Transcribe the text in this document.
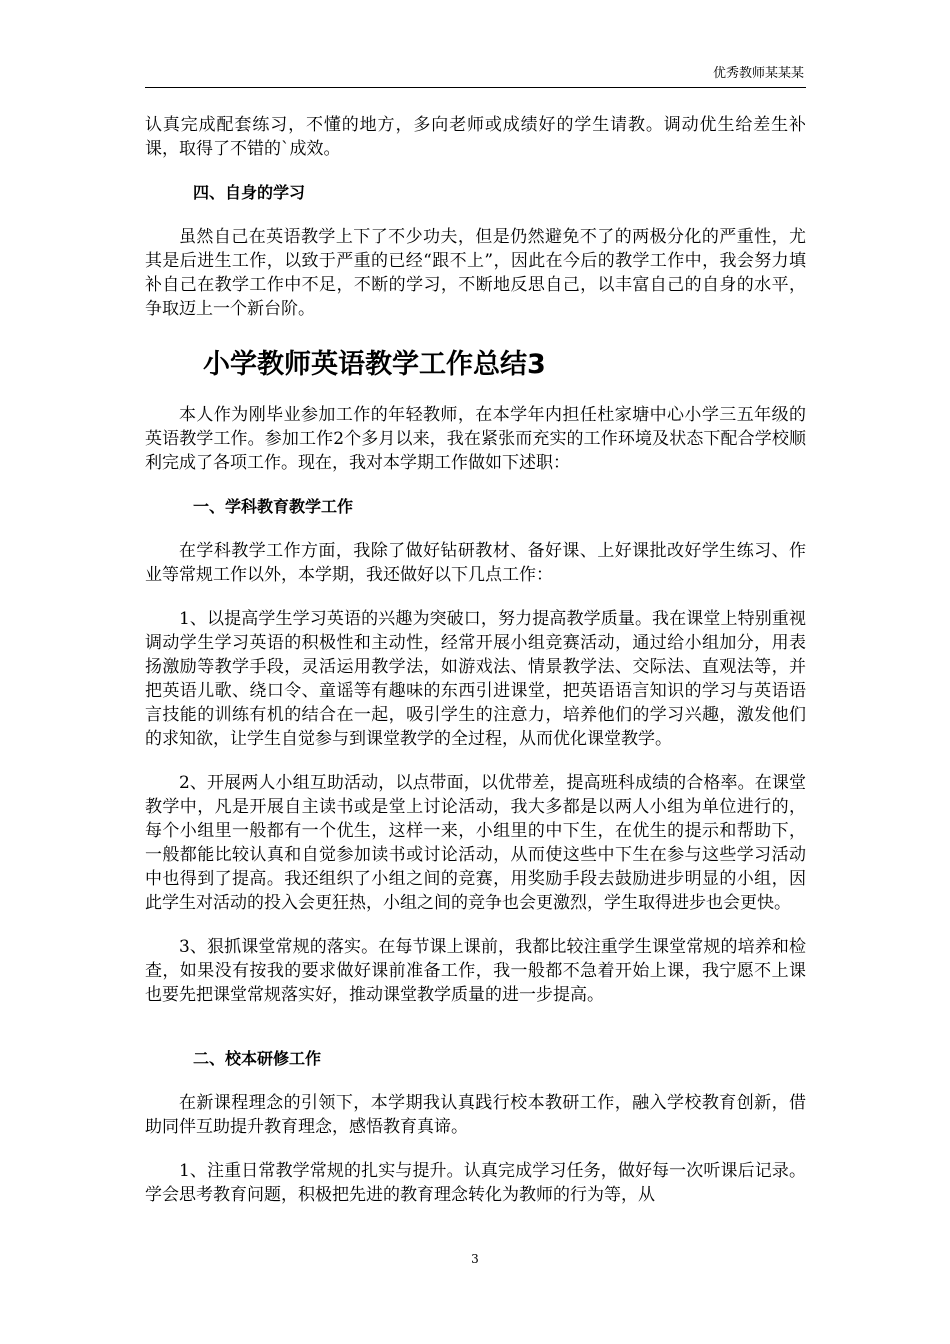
优秀教师某某某

认真完成配套练习，不懂的地方，多向老师或成绩好的学生请教。调动优生给差生补课，取得了不错的`成效。

四、自身的学习

虽然自己在英语教学上下了不少功夫，但是仍然避免不了的两极分化的严重性，尤其是后进生工作，以致于严重的已经“跟不上”，因此在今后的教学工作中，我会努力填补自己在教学工作中不足，不断的学习，不断地反思自己，以丰富自己的自身的水平，争取迈上一个新台阶。

小学教师英语教学工作总结3

本人作为刚毕业参加工作的年轻教师，在本学年内担任杜家塘中心小学三五年级的英语教学工作。参加工作2个多月以来，我在紧张而充实的工作环境及状态下配合学校顺利完成了各项工作。现在，我对本学期工作做如下述职：

一、学科教育教学工作

在学科教学工作方面，我除了做好钻研教材、备好课、上好课批改好学生练习、作业等常规工作以外，本学期，我还做好以下几点工作：

1、以提高学生学习英语的兴趣为突破口，努力提高教学质量。我在课堂上特别重视调动学生学习英语的积极性和主动性，经常开展小组竞赛活动，通过给小组加分，用表扬激励等教学手段，灵活运用教学法，如游戏法、情景教学法、交际法、直观法等，并把英语儿歌、绕口令、童谣等有趣味的东西引进课堂，把英语语言知识的学习与英语语言技能的训练有机的结合在一起，吸引学生的注意力，培养他们的学习兴趣，激发他们的求知欲，让学生自觉参与到课堂教学的全过程，从而优化课堂教学。

2、开展两人小组互助活动，以点带面，以优带差，提高班科成绩的合格率。在课堂教学中，凡是开展自主读书或是堂上讨论活动，我大多都是以两人小组为单位进行的，每个小组里一般都有一个优生，这样一来，小组里的中下生，在优生的提示和帮助下，一般都能比较认真和自觉参加读书或讨论活动，从而使这些中下生在参与这些学习活动中也得到了提高。我还组织了小组之间的竞赛，用奖励手段去鼓励进步明显的小组，因此学生对活动的投入会更狂热，小组之间的竞争也会更激烈，学生取得进步也会更快。

3、狠抓课堂常规的落实。在每节课上课前，我都比较注重学生课堂常规的培养和检查，如果没有按我的要求做好课前准备工作，我一般都不急着开始上课，我宁愿不上课也要先把课堂常规落实好，推动课堂教学质量的进一步提高。

二、校本研修工作

在新课程理念的引领下，本学期我认真践行校本教研工作，融入学校教育创新，借助同伴互助提升教育理念，感悟教育真谛。

1、注重日常教学常规的扎实与提升。认真完成学习任务，做好每一次听课后记录。学会思考教育问题，积极把先进的教育理念转化为教师的行为等，从

3
